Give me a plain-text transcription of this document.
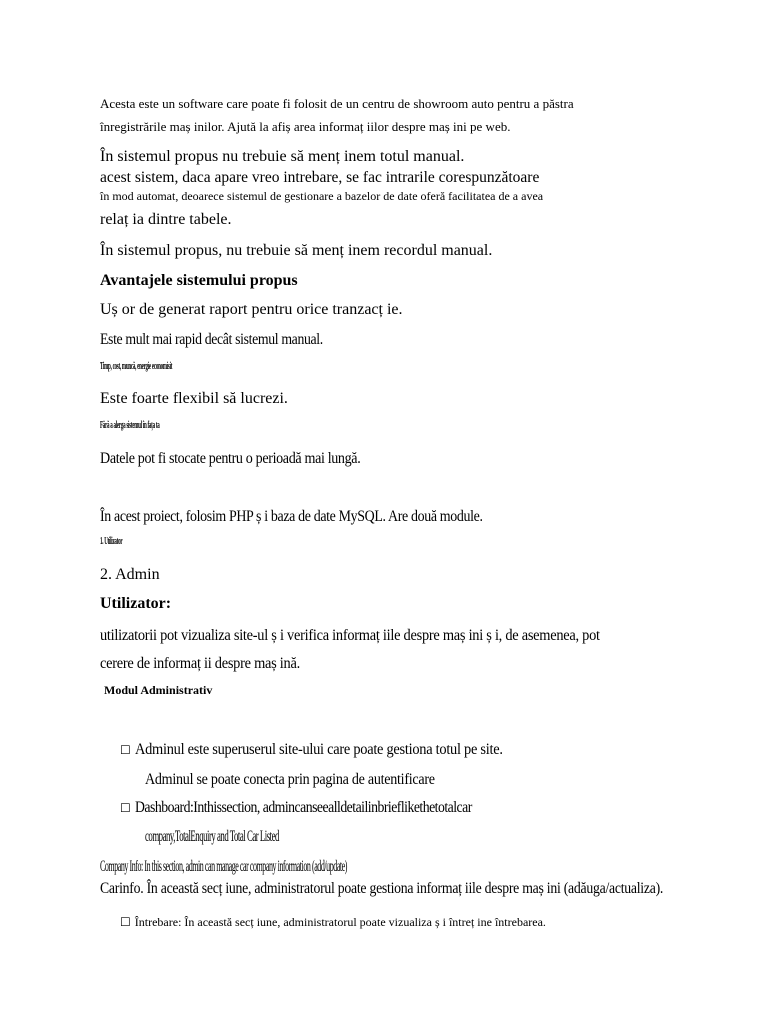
Acesta este un software care poate fi folosit de un centru de showroom auto pentru a păstra
înregistrările maș inilor. Ajută la afiș area informaț iilor despre maș ini pe web.
În sistemul propus nu trebuie să menț inem totul manual.
acest sistem, daca apare vreo intrebare, se fac intrarile corespunzătoare
în mod automat, deoarece sistemul de gestionare a bazelor de date oferă facilitatea de a avea
relaț ia dintre tabele.
În sistemul propus, nu trebuie să menț inem recordul manual.
Avantajele sistemului propus
Uș or de generat raport pentru orice tranzacț ie.
Este mult mai rapid decât sistemul manual.
Timp, cost, muncă, energie economisit
Este foarte flexibil să lucrezi.
Fără a alerga sistemul în fața ta
Datele pot fi stocate pentru o perioadă mai lungă.
În acest proiect, folosim PHP ș i baza de date MySQL. Are două module.
1. Utilizator
2. Admin
Utilizator:
utilizatorii pot vizualiza site-ul ș i verifica informaț iile despre maș ini ș i, de asemenea, pot
cerere de informaț ii despre maș ină.
Modul Administrativ
☐ Adminul este superuserul site-ului care poate gestiona totul pe site.
Adminul se poate conecta prin pagina de autentificare
☐ Dashboard:Inthissection, admincanseealldetailinbrieflikethetotalcar
company,TotalEnquiry and Total Car Listed
Company Info: In this section, admin can manage car company information (add/update)
Carinfo. În această secț iune, administratorul poate gestiona informaț iile despre maș ini (adăuga/actualiza).
☐ Întrebare: În această secț iune, administratorul poate vizualiza ș i întreț ine întrebarea.
